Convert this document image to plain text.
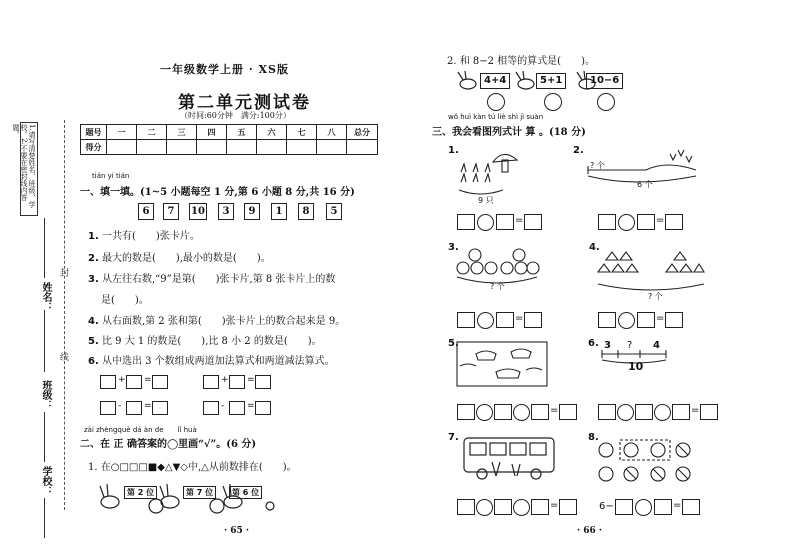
1.请写清楚姓名、班级、学校。2.不要在密封线内答题。
姓名：
班级：
学校：
封
线
一年级数学上册 · XS版
第二单元测试卷
（时间:60分钟　满分:100分）
题号	一	二	三	四	五	六	七	八	总分
得分									
tián yi tián
一、填一填。(1~5 小题每空 1 分,第 6 小题 8 分,共 16 分)
6	7	10	3	9	1	8	5
1. 一共有(　　)张卡片。
2. 最大的数是(　　),最小的数是(　　)。
3. 从左往右数,“9”是第(　　)张卡片,第 8 张卡片上的数
是(　　)。
4. 从右面数,第 2 张和第(　　)张卡片上的数合起来是 9。
5. 比 9 大 1 的数是(　　),比 8 小 2 的数是(　　)。
6. 从中选出 3 个数组成两道加法算式和两道减法算式。
+ =	+ =
-	=	-	=
zài zhèngquè dá àn de　　lǐ huà
二、在 正 确答案的◯里画“√”。(6 分)
1. 在○□□□■◆△▼◇中,△从前数排在(　　)。
第 2 位	第 7 位	第 6 位
· 65 ·
2. 和 8−2 相等的算式是(　　)。
4+4	5+1	10−6
wǒ huì kàn tú liè shì jì suàn
三、我会看图列式计 算 。(18 分)
1.
9 只
=
2.
? 个
6 个
=
3.
? 个
=
4.
? 个
=
5.
=
6. 3 ? 4
10
=
7.
=
8.
6−	=
· 66 ·
